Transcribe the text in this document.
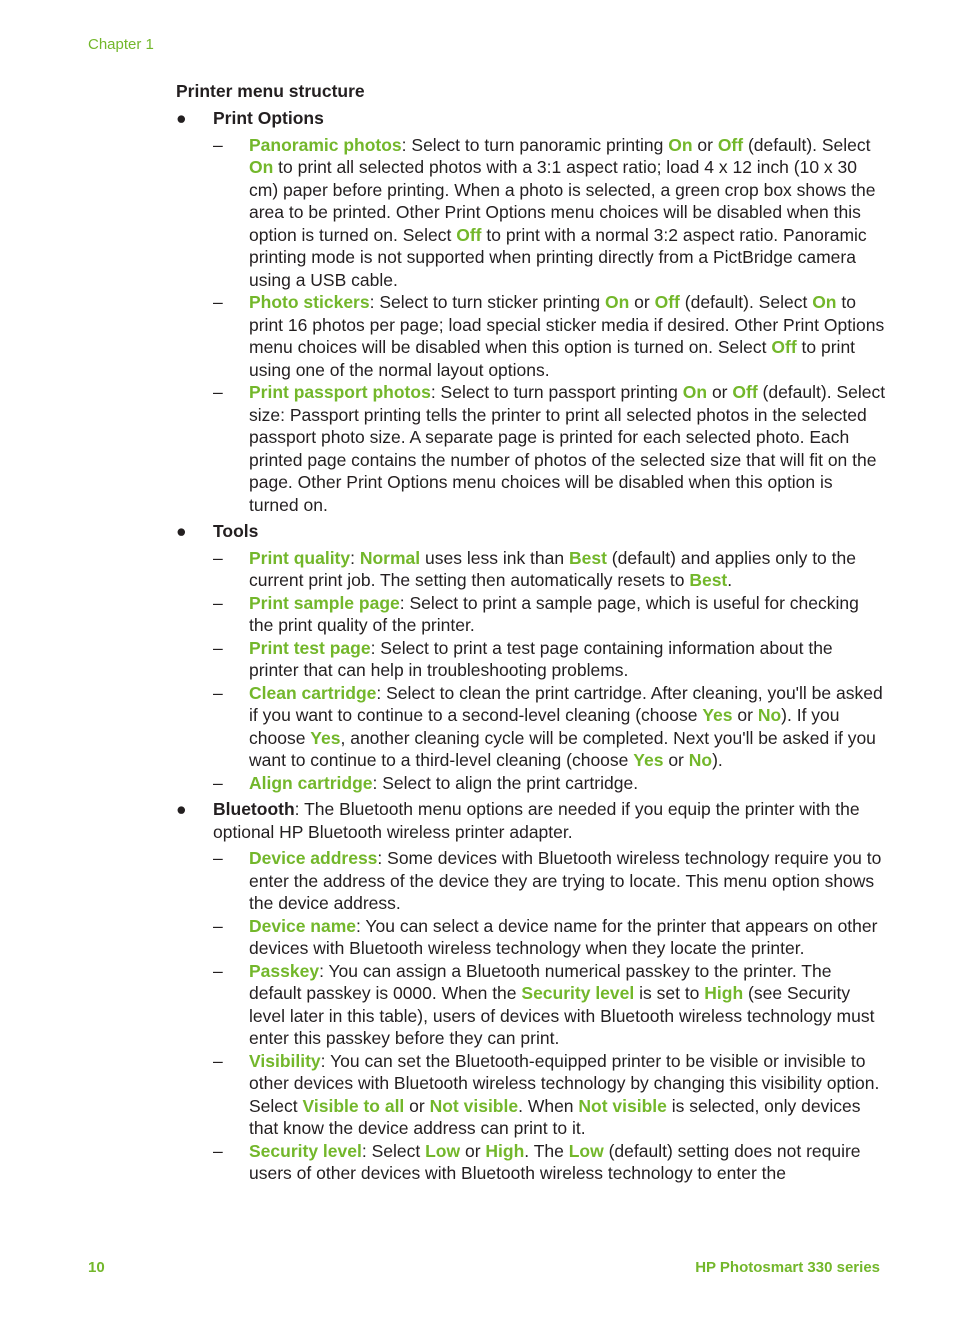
Chapter 1
Printer menu structure
● Print Options
– Panoramic photos: Select to turn panoramic printing On or Off (default). Select On to print all selected photos with a 3:1 aspect ratio; load 4 x 12 inch (10 x 30 cm) paper before printing. When a photo is selected, a green crop box shows the area to be printed. Other Print Options menu choices will be disabled when this option is turned on. Select Off to print with a normal 3:2 aspect ratio. Panoramic printing mode is not supported when printing directly from a PictBridge camera using a USB cable.
– Photo stickers: Select to turn sticker printing On or Off (default). Select On to print 16 photos per page; load special sticker media if desired. Other Print Options menu choices will be disabled when this option is turned on. Select Off to print using one of the normal layout options.
– Print passport photos: Select to turn passport printing On or Off (default). Select size: Passport printing tells the printer to print all selected photos in the selected passport photo size. A separate page is printed for each selected photo. Each printed page contains the number of photos of the selected size that will fit on the page. Other Print Options menu choices will be disabled when this option is turned on.
● Tools
– Print quality: Normal uses less ink than Best (default) and applies only to the current print job. The setting then automatically resets to Best.
– Print sample page: Select to print a sample page, which is useful for checking the print quality of the printer.
– Print test page: Select to print a test page containing information about the printer that can help in troubleshooting problems.
– Clean cartridge: Select to clean the print cartridge. After cleaning, you'll be asked if you want to continue to a second-level cleaning (choose Yes or No). If you choose Yes, another cleaning cycle will be completed. Next you'll be asked if you want to continue to a third-level cleaning (choose Yes or No).
– Align cartridge: Select to align the print cartridge.
● Bluetooth: The Bluetooth menu options are needed if you equip the printer with the optional HP Bluetooth wireless printer adapter.
– Device address: Some devices with Bluetooth wireless technology require you to enter the address of the device they are trying to locate. This menu option shows the device address.
– Device name: You can select a device name for the printer that appears on other devices with Bluetooth wireless technology when they locate the printer.
– Passkey: You can assign a Bluetooth numerical passkey to the printer. The default passkey is 0000. When the Security level is set to High (see Security level later in this table), users of devices with Bluetooth wireless technology must enter this passkey before they can print.
– Visibility: You can set the Bluetooth-equipped printer to be visible or invisible to other devices with Bluetooth wireless technology by changing this visibility option. Select Visible to all or Not visible. When Not visible is selected, only devices that know the device address can print to it.
– Security level: Select Low or High. The Low (default) setting does not require users of other devices with Bluetooth wireless technology to enter the
10	HP Photosmart 330 series
